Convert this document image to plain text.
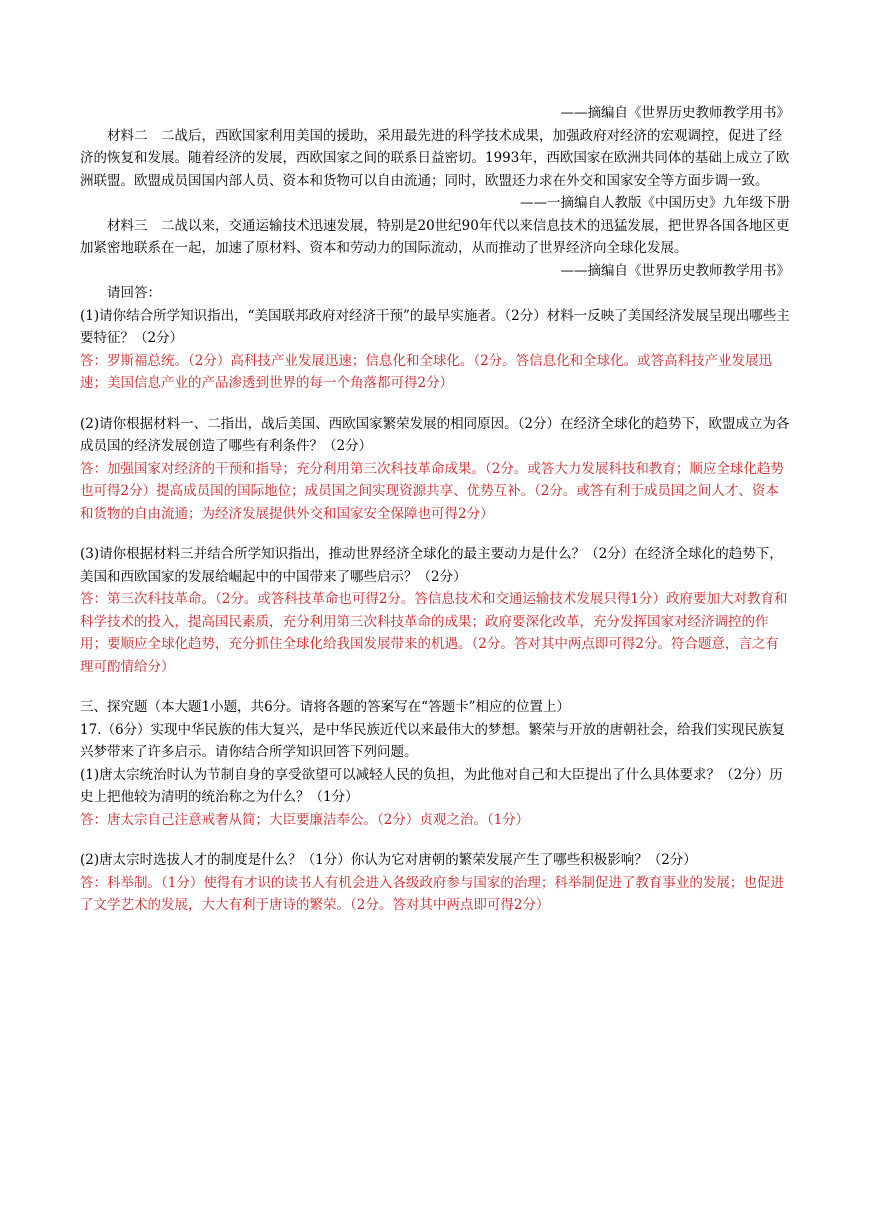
——摘编自《世界历史教师教学用书》

材料二　二战后，西欧国家利用美国的援助，采用最先进的科学技术成果，加强政府对经济的宏观调控，促进了经济的恢复和发展。随着经济的发展，西欧国家之间的联系日益密切。1993年，西欧国家在欧洲共同体的基础上成立了欧洲联盟。欧盟成员国国内部人员、资本和货物可以自由流通；同时，欧盟还力求在外交和国家安全等方面步调一致。

——一摘编自人教版《中国历史》九年级下册

材料三　二战以来，交通运输技术迅速发展，特别是20世纪90年代以来信息技术的迅猛发展，把世界各国各地区更加紧密地联系在一起，加速了原材料、资本和劳动力的国际流动，从而推动了世界经济向全球化发展。

——摘编自《世界历史教师教学用书》

请回答：

(1)请你结合所学知识指出，“美国联邦政府对经济干预”的最早实施者。（2分）材料一反映了美国经济发展呈现出哪些主要特征？（2分）

答：罗斯福总统。（2分）高科技产业发展迅速；信息化和全球化。（2分。答信息化和全球化。或答高科技产业发展迅速；美国信息产业的产品渗透到世界的每一个角落都可得2分）

(2)请你根据材料一、二指出，战后美国、西欧国家繁荣发展的相同原因。（2分）在经济全球化的趋势下，欧盟成立为各成员国的经济发展创造了哪些有利条件？（2分）

答：加强国家对经济的干预和指导；充分利用第三次科技革命成果。（2分。或答大力发展科技和教育；顺应全球化趋势也可得2分）提高成员国的国际地位；成员国之间实现资源共享、优势互补。（2分。或答有利于成员国之间人才、资本和货物的自由流通；为经济发展提供外交和国家安全保障也可得2分）

(3)请你根据材料三并结合所学知识指出，推动世界经济全球化的最主要动力是什么？（2分）在经济全球化的趋势下，美国和西欧国家的发展给崛起中的中国带来了哪些启示？（2分）

答：第三次科技革命。（2分。或答科技革命也可得2分。答信息技术和交通运输技术发展只得1分）政府要加大对教育和科学技术的投入，提高国民素质，充分利用第三次科技革命的成果；政府要深化改革，充分发挥国家对经济调控的作用；要顺应全球化趋势，充分抓住全球化给我国发展带来的机遇。（2分。答对其中两点即可得2分。符合题意，言之有理可酌情给分）

三、探究题（本大题1小题，共6分。请将各题的答案写在“答题卡”相应的位置上）

17.（6分）实现中华民族的伟大复兴，是中华民族近代以来最伟大的梦想。繁荣与开放的唐朝社会，给我们实现民族复兴梦带来了许多启示。请你结合所学知识回答下列问题。

(1)唐太宗统治时认为节制自身的享受欲望可以减轻人民的负担，为此他对自己和大臣提出了什么具体要求？（2分）历史上把他较为清明的统治称之为什么？（1分）

答：唐太宗自己注意戒奢从简；大臣要廉洁奉公。（2分）贞观之治。（1分）

(2)唐太宗时选拔人才的制度是什么？（1分）你认为它对唐朝的繁荣发展产生了哪些积极影响？（2分）

答：科举制。（1分）使得有才识的读书人有机会进入各级政府参与国家的治理；科举制促进了教育事业的发展；也促进了文学艺术的发展，大大有利于唐诗的繁荣。（2分。答对其中两点即可得2分）
